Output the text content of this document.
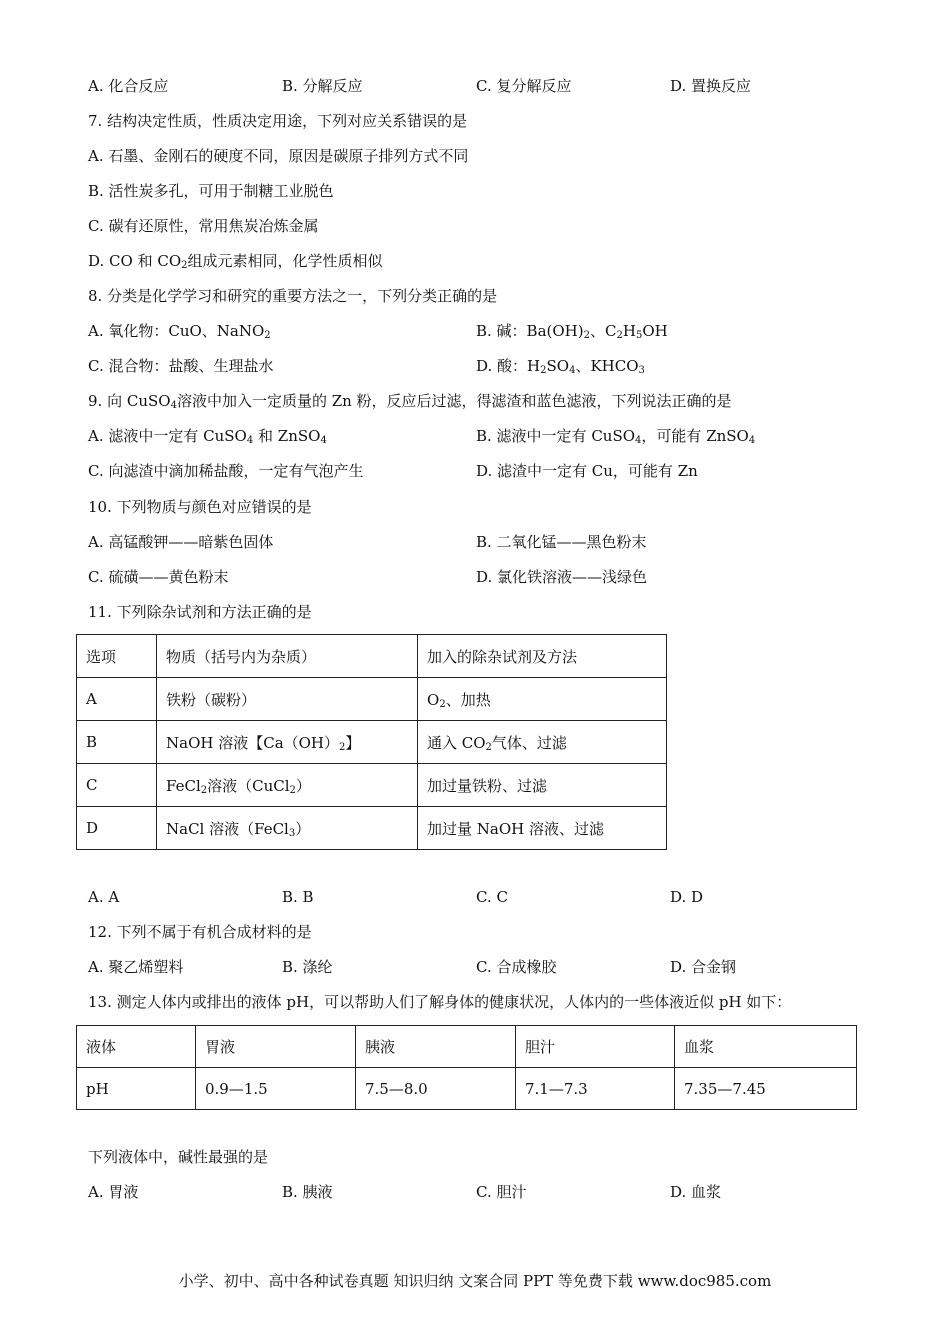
A. 化合反应	B. 分解反应	C. 复分解反应	D. 置换反应
7. 结构决定性质，性质决定用途，下列对应关系错误的是
A. 石墨、金刚石的硬度不同，原因是碳原子排列方式不同
B. 活性炭多孔，可用于制糖工业脱色
C. 碳有还原性，常用焦炭冶炼金属
D. CO 和 $CO_2$组成元素相同，化学性质相似
8. 分类是化学学习和研究的重要方法之一，下列分类正确的是
A. 氧化物：CuO、NaNO$_2$	B. 碱：$Ba(OH)_2$、$C_2H_5OH$
C. 混合物：盐酸、生理盐水	D. 酸：$H_2SO_4$、$KHCO_3$
9. 向 CuSO$_4$溶液中加入一定质量的 Zn 粉，反应后过滤，得滤渣和蓝色滤液，下列说法正确的是
A. 滤液中一定有 CuSO$_4$ 和 ZnSO$_4$	B. 滤液中一定有 CuSO$_4$，可能有 ZnSO$_4$
C. 向滤渣中滴加稀盐酸，一定有气泡产生	D. 滤渣中一定有 Cu，可能有 Zn
10. 下列物质与颜色对应错误的是
A. 高锰酸钾——暗紫色固体	B. 二氧化锰——黑色粉末
C. 硫磺——黄色粉末	D. 氯化铁溶液——浅绿色
11. 下列除杂试剂和方法正确的是
选项	物质（括号内为杂质）	加入的除杂试剂及方法
A	铁粉（碳粉）	$O_2$、加热
B	NaOH 溶液【$Ca(OH)_2$】	通入 $CO_2$气体、过滤
C	FeCl$_2$溶液（CuCl$_2$）	加过量铁粉、过滤
D	NaCl 溶液（FeCl$_3$）	加过量 NaOH 溶液、过滤
A. A	B. B	C. C	D. D
12. 下列不属于有机合成材料的是
A. 聚乙烯塑料	B. 涤纶	C. 合成橡胶	D. 合金钢
13. 测定人体内或排出的液体 pH，可以帮助人们了解身体的健康状况，人体内的一些体液近似 pH 如下：
液体	胃液	胰液	胆汁	血浆
pH	0.9—1.5	7.5—8.0	7.1—7.3	7.35—7.45
下列液体中，碱性最强的是
A. 胃液	B. 胰液	C. 胆汁	D. 血浆
小学、初中、高中各种试卷真题 知识归纳 文案合同 PPT 等免费下载 www.doc985.com
